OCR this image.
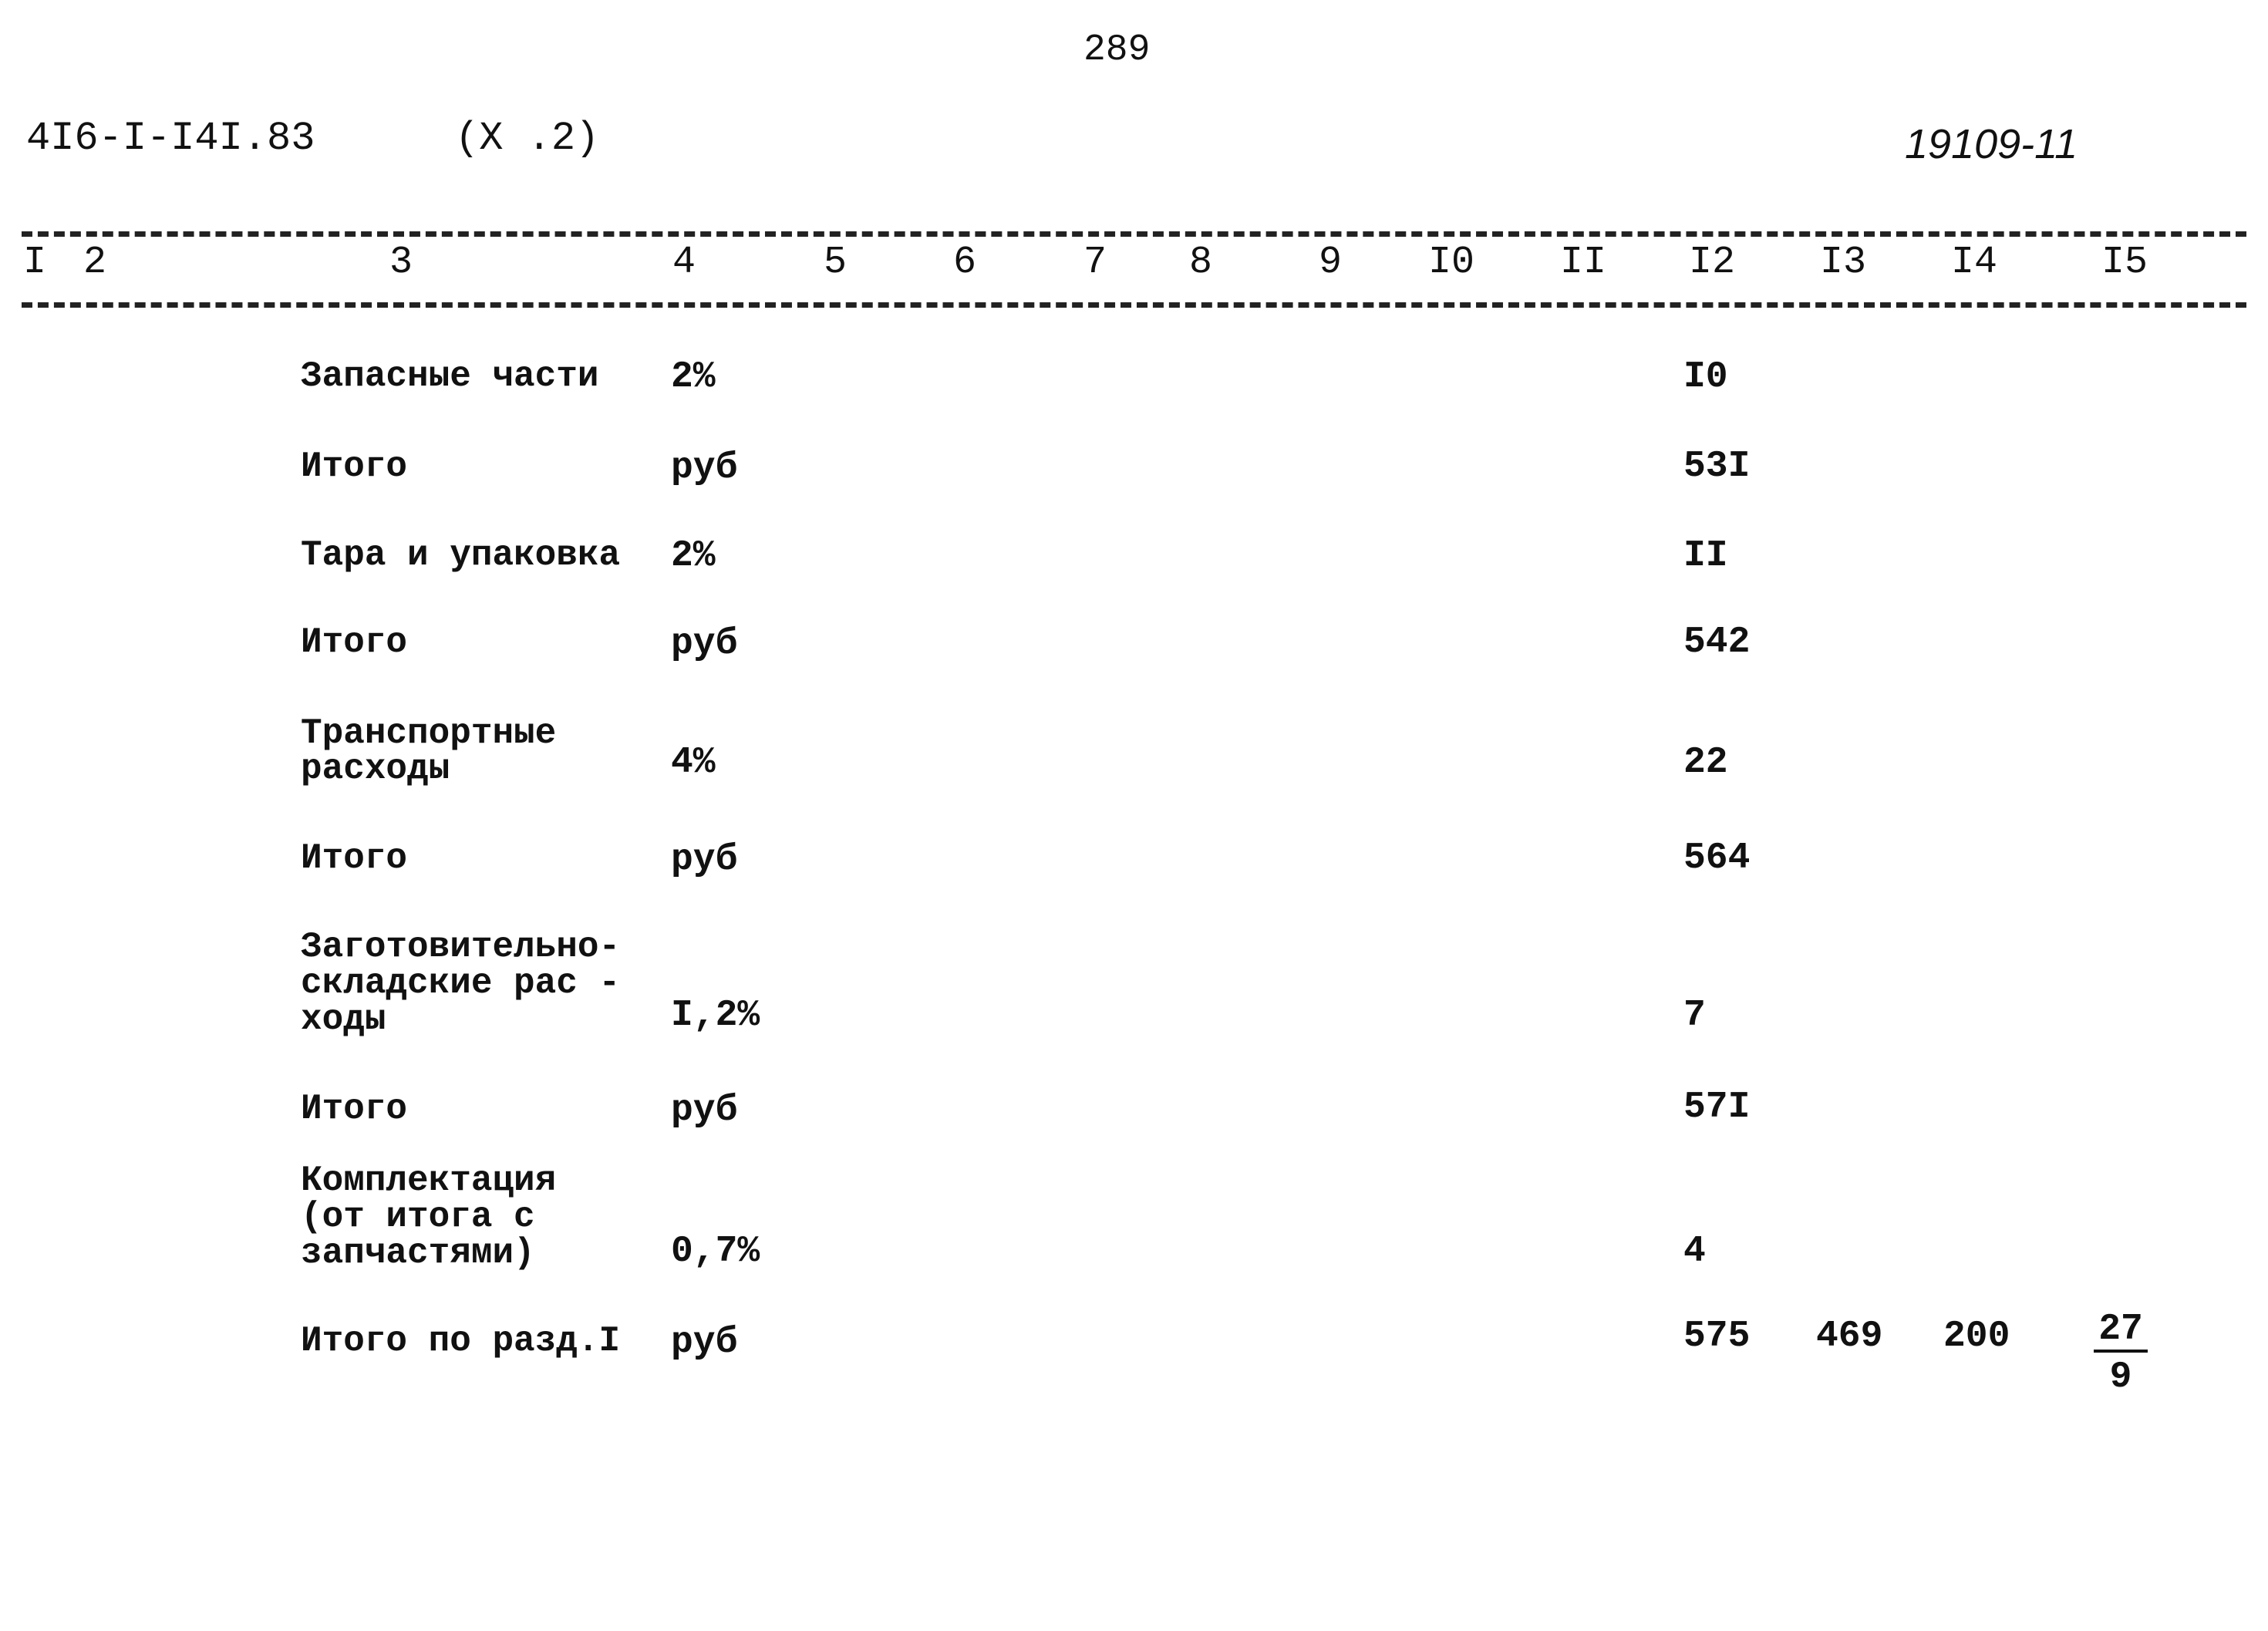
289
4I6-I-I4I.83	(X .2)	19109-11
I 2	3	4	5	6	7 8	9 I0 II I2 I3 I4	I5
Запасные части 2%	I0
Итого	руб	53I
Тара и упаковка 2%	II
Итого	руб	542
Транспортные
расходы	4%	22
Итого	руб	564
Заготовительно-
складские рас -
ходы	I,2%	7
Итого	руб	57I
Комплектация
(от итога с
запчастями)	0,7%	4
Итого по разд.I руб	575 469 $200 \frac{27}{9}$
